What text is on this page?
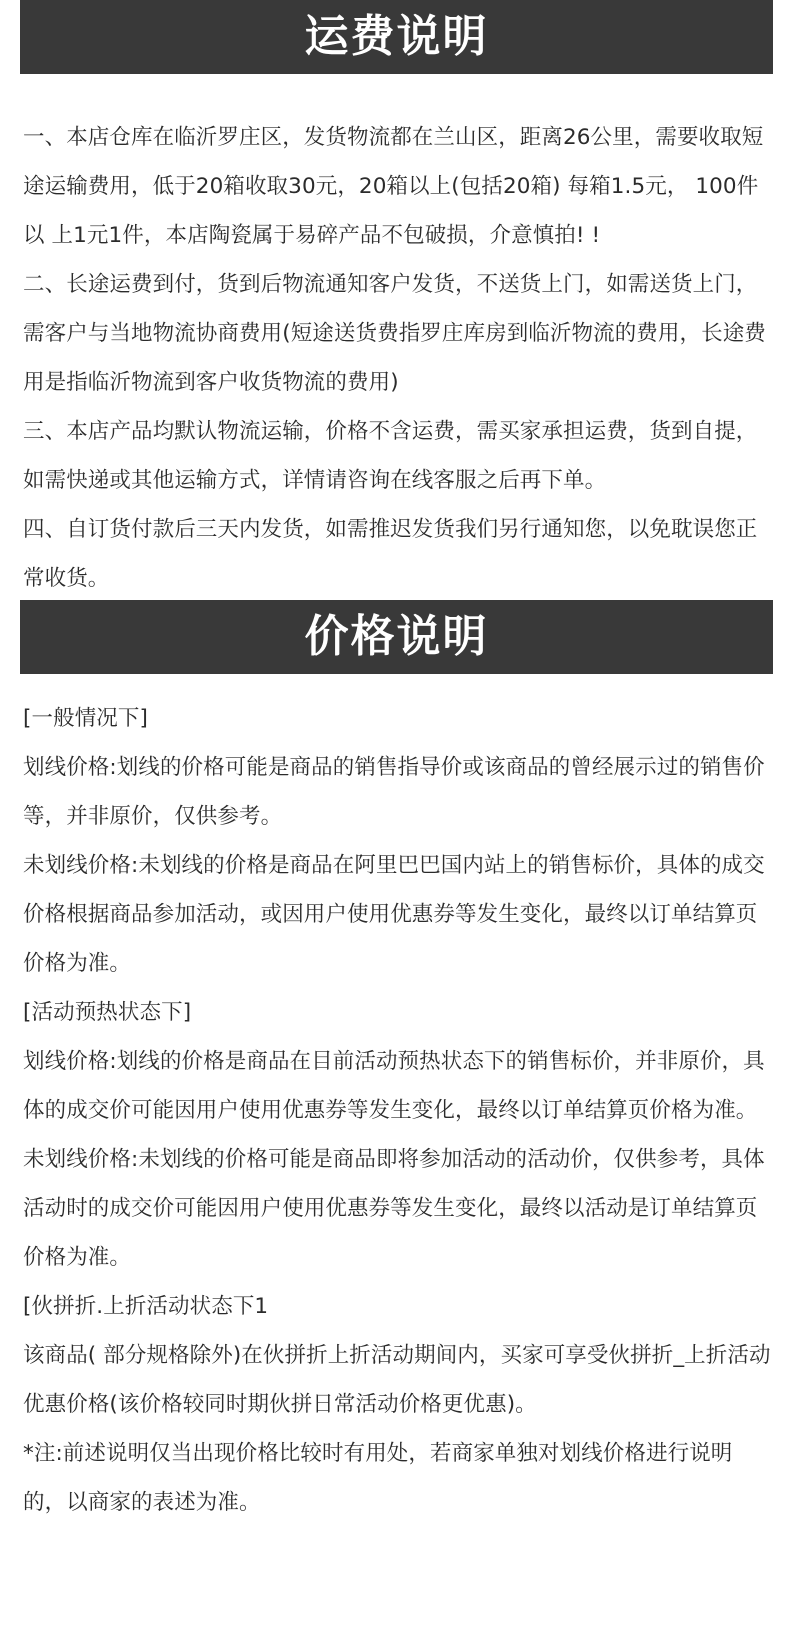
运费说明

一、本店仓库在临沂罗庄区，发货物流都在兰山区，距离26公里，需要收取短途运输费用，低于20箱收取30元，20箱以上(包括20箱) 每箱1.5元， 100件以 上1元1件，本店陶瓷属于易碎产品不包破损，介意慎拍! !

二、长途运费到付，货到后物流通知客户发货，不送货上门，如需送货上门，需客户与当地物流协商费用(短途送货费指罗庄库房到临沂物流的费用，长途费用是指临沂物流到客户收货物流的费用)

三、本店产品均默认物流运输，价格不含运费，需买家承担运费，货到自提，如需快递或其他运输方式，详情请咨询在线客服之后再下单。

四、自订货付款后三天内发货，如需推迟发货我们另行通知您，以免耽误您正常收货。

价格说明

[一般情况下]

划线价格:划线的价格可能是商品的销售指导价或该商品的曾经展示过的销售价等，并非原价，仅供参考。

未划线价格:未划线的价格是商品在阿里巴巴国内站上的销售标价，具体的成交价格根据商品参加活动，或因用户使用优惠券等发生变化，最终以订单结算页价格为准。

[活动预热状态下]

划线价格:划线的价格是商品在目前活动预热状态下的销售标价，并非原价，具体的成交价可能因用户使用优惠券等发生变化，最终以订单结算页价格为准。

未划线价格:未划线的价格可能是商品即将参加活动的活动价，仅供参考，具体活动时的成交价可能因用户使用优惠券等发生变化，最终以活动是订单结算页价格为准。

[伙拼折.上折活动状态下1

该商品( 部分规格除外)在伙拼折上折活动期间内，买家可享受伙拼折_上折活动优惠价格(该价格较同时期伙拼日常活动价格更优惠)。

*注:前述说明仅当出现价格比较时有用处，若商家单独对划线价格进行说明的，以商家的表述为准。
